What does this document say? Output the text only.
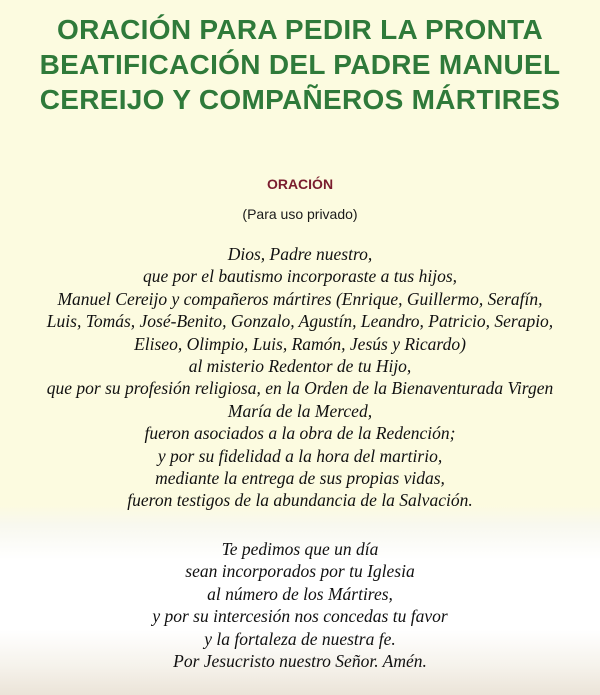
ORACIÓN PARA PEDIR LA PRONTA
BEATIFICACIÓN DEL PADRE MANUEL
CEREIJO Y COMPAÑEROS MÁRTIRES
ORACIÓN
(Para uso privado)
Dios, Padre nuestro,
que por el bautismo incorporaste a tus hijos,
Manuel Cereijo y compañeros mártires (Enrique, Guillermo, Serafín,
Luis, Tomás, José-Benito, Gonzalo, Agustín, Leandro, Patricio, Serapio,
Eliseo, Olimpio, Luis, Ramón, Jesús y Ricardo)
al misterio Redentor de tu Hijo,
que por su profesión religiosa, en la Orden de la Bienaventurada Virgen
María de la Merced,
fueron asociados a la obra de la Redención;
y por su fidelidad a la hora del martirio,
mediante la entrega de sus propias vidas,
fueron testigos de la abundancia de la Salvación.
Te pedimos que un día
sean incorporados por tu Iglesia
al número de los Mártires,
y por su intercesión nos concedas tu favor
y la fortaleza de nuestra fe.
Por Jesucristo nuestro Señor. Amén.
